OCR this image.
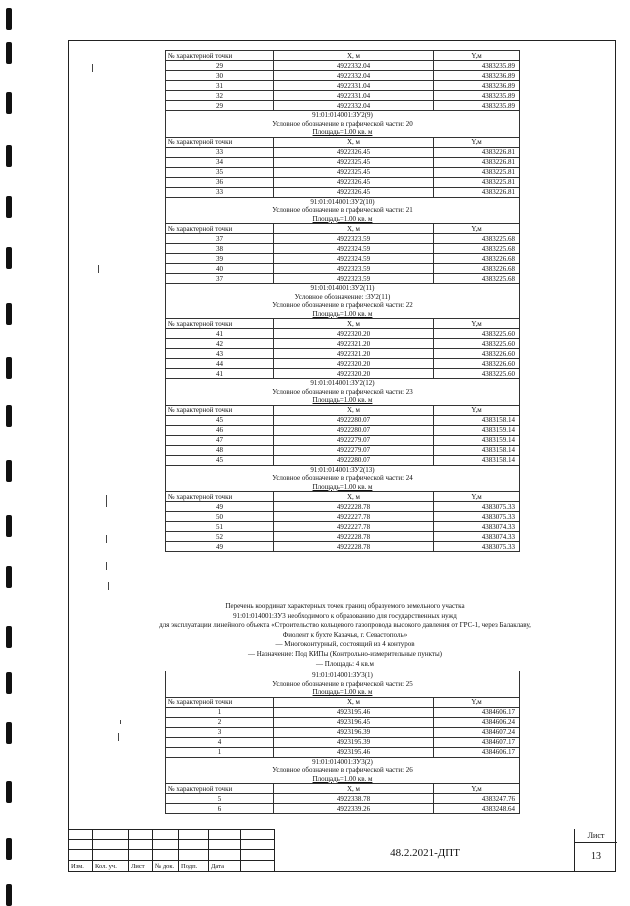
№ характерной точки	X, м	Y,м
29	4922332.04	4383235.89
30	4922332.04	4383236.89
31	4922331.04	4383236.89
32	4922331.04	4383235.89
29	4922332.04	4383235.89
91:01:014001:ЗУ2(9)
Условное обозначение в графической части: 20
Площадь=1.00 кв. м
№ характерной точки	X, м	Y,м
33	4922326.45	4383226.81
34	4922325.45	4383226.81
35	4922325.45	4383225.81
36	4922326.45	4383225.81
33	4922326.45	4383226.81
91:01:014001:ЗУ2(10)
Условное обозначение в графической части: 21
Площадь=1.00 кв. м
№ характерной точки	X, м	Y,м
37	4922323.59	4383225.68
38	4922324.59	4383225.68
39	4922324.59	4383226.68
40	4922323.59	4383226.68
37	4922323.59	4383225.68
91:01:014001:ЗУ2(11)
Условное обозначение: :ЗУ2(11)
Условное обозначение в графической части: 22
Площадь=1.00 кв. м
№ характерной точки	X, м	Y,м
41	4922320.20	4383225.60
42	4922321.20	4383225.60
43	4922321.20	4383226.60
44	4922320.20	4383226.60
41	4922320.20	4383225.60
91:01:014001:ЗУ2(12)
Условное обозначение в графической части: 23
Площадь=1.00 кв. м
№ характерной точки	X, м	Y,м
45	4922280.07	4383158.14
46	4922280.07	4383159.14
47	4922279.07	4383159.14
48	4922279.07	4383158.14
45	4922280.07	4383158.14
91:01:014001:ЗУ2(13)
Условное обозначение в графической части: 24
Площадь=1.00 кв. м
№ характерной точки	X, м	Y,м
49	4922228.78	4383075.33
50	4922227.78	4383075.33
51	4922227.78	4383074.33
52	4922228.78	4383074.33
49	4922228.78	4383075.33
Перечень координат характерных точек границ образуемого земельного участка
91:01:014001:ЗУ3 необходимого к образованию для государственных нужд
для эксплуатации линейного объекта «Строительство кольцевого газопровода высокого давления от ГРС-1, через Балаклаву,
Фиолент к бухте Казачья, г. Севастополь»
— Многоконтурный, состоящий из 4 контуров
— Назначение: Под КИПы (Контрольно-измерительные пункты)
— Площадь: 4 кв.м
91:01:014001:ЗУ3(1)
Условное обозначение в графической части: 25
Площадь=1.00 кв. м
№ характерной точки	X, м	Y,м
1	4923195.46	4384606.17
2	4923196.45	4384606.24
3	4923196.39	4384607.24
4	4923195.39	4384607.17
1	4923195.46	4384606.17
91:01:014001:ЗУ3(2)
Условное обозначение в графической части: 26
Площадь=1.00 кв. м
№ характерной точки	X, м	Y,м
5	4922338.78	4383247.76
6	4922339.26	4383248.64
Изм. Кол. уч. Лист № док. Подп. Дата
48.2.2021-ДПТ
Лист
13
